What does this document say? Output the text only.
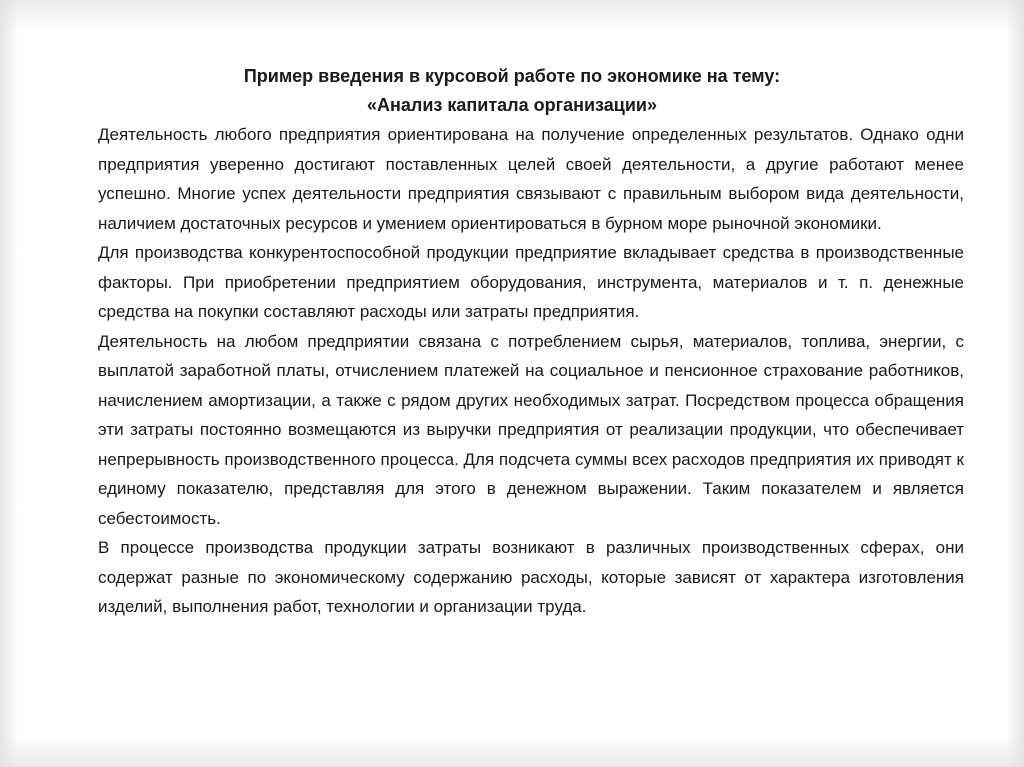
Пример введения в курсовой работе по экономике на тему:
«Анализ капитала организации»

Деятельность любого предприятия ориентирована на получение определенных результатов. Однако одни предприятия уверенно достигают поставленных целей своей деятельности, а другие работают менее успешно. Многие успех деятельности предприятия связывают с правильным выбором вида деятельности, наличием достаточных ресурсов и умением ориентироваться в бурном море рыночной экономики.

Для производства конкурентоспособной продукции предприятие вкладывает средства в производственные факторы. При приобретении предприятием оборудования, инструмента, материалов и т. п. денежные средства на покупки составляют расходы или затраты предприятия.

Деятельность на любом предприятии связана с потреблением сырья, материалов, топлива, энергии, с выплатой заработной платы, отчислением платежей на социальное и пенсионное страхование работников, начислением амортизации, а также с рядом других необходимых затрат. Посредством процесса обращения эти затраты постоянно возмещаются из выручки предприятия от реализации продукции, что обеспечивает непрерывность производственного процесса. Для подсчета суммы всех расходов предприятия их приводят к единому показателю, представляя для этого в денежном выражении. Таким показателем и является себестоимость.

В процессе производства продукции затраты возникают в различных производственных сферах, они содержат разные по экономическому содержанию расходы, которые зависят от характера изготовления изделий, выполнения работ, технологии и организации труда.
